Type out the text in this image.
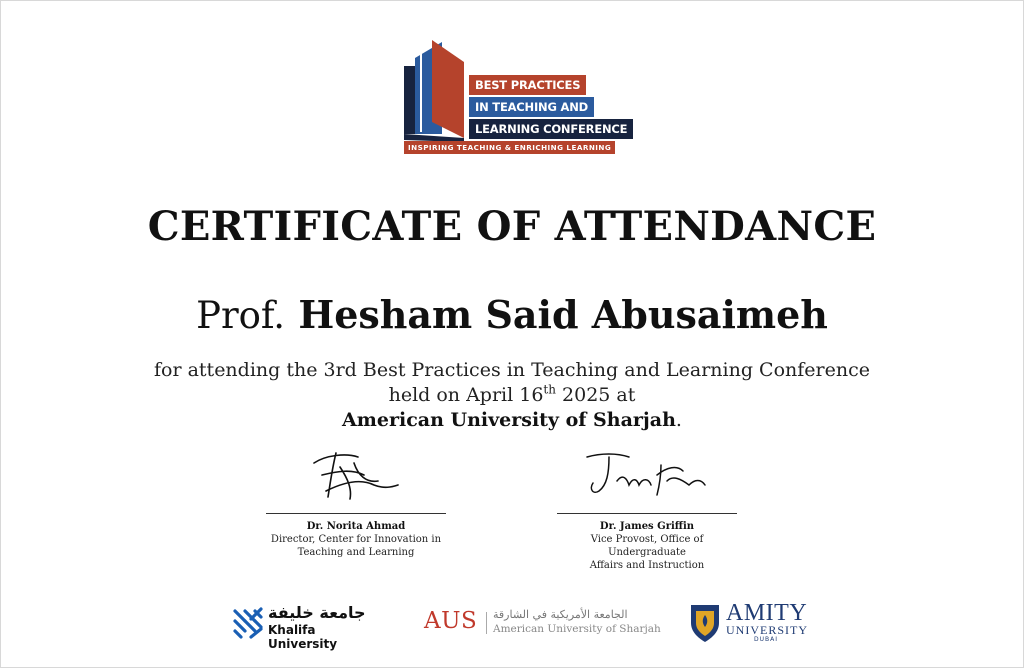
BEST PRACTICES
IN TEACHING AND
LEARNING CONFERENCE
INSPIRING TEACHING & ENRICHING LEARNING
CERTIFICATE OF ATTENDANCE
Prof. Hesham Said Abusaimeh
for attending the 3rd Best Practices in Teaching and Learning Conference
held on April 16th 2025 at
American University of Sharjah.
Dr. Norita Ahmad
Director, Center for Innovation in
Teaching and Learning
Dr. James Griffin
Vice Provost, Office of Undergraduate
Affairs and Instruction
جامعة خليفة
Khalifa University
AUS الجامعة الأمريكية في الشارقة
American University of Sharjah
AMITY
UNIVERSITY
DUBAI
